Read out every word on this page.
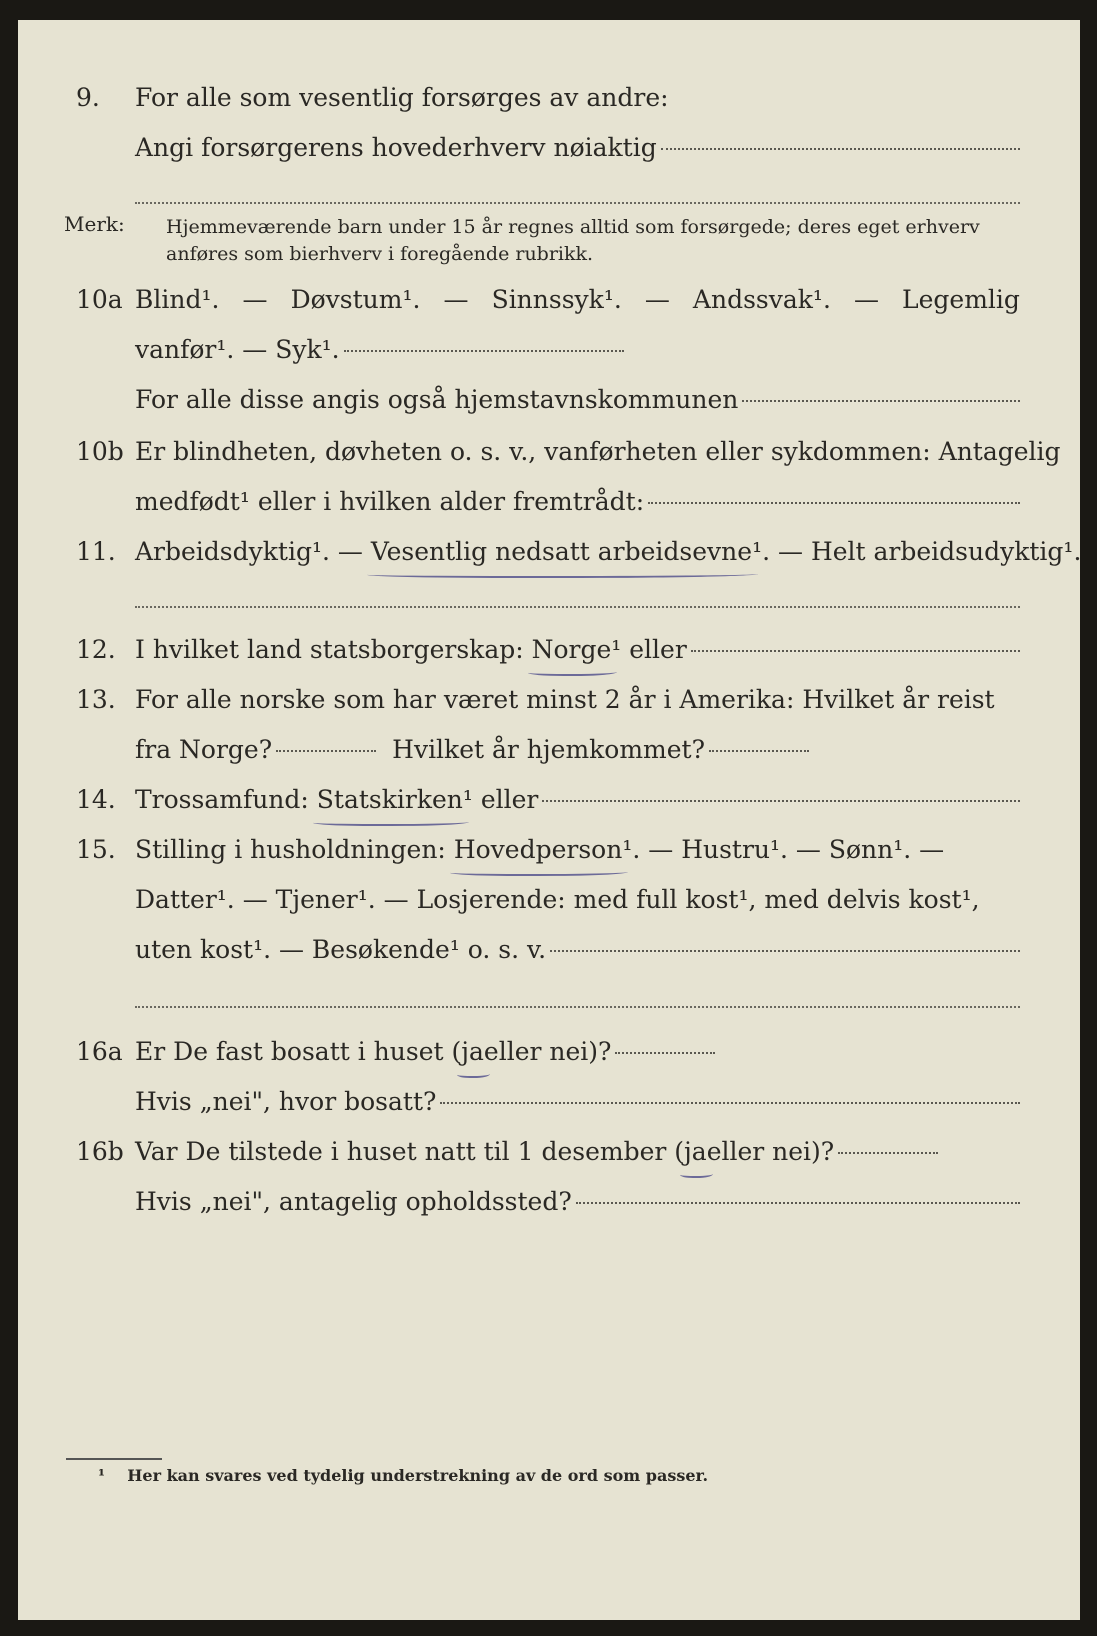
9. For alle som vesentlig forsørges av andre:
Angi forsørgerens hovederhverv nøiaktig
Merk: Hjemmeværende barn under 15 år regnes alltid som forsørgede; deres eget erhverv
anføres som bierhverv i foregående rubrikk.
10a Blind¹. — Døvstum¹. — Sinnssyk¹. — Andssvak¹. — Legemlig
vanfør¹. — Syk¹.
For alle disse angis også hjemstavnskommunen
10b Er blindheten, døvheten o. s. v., vanførheten eller sykdommen: Antagelig
medfødt¹ eller i hvilken alder fremtrådt:
11. Arbeidsdyktig¹. —
Vesentlig nedsatt arbeidsevne ¹. — Helt arbeidsudyktig¹.
12. I hvilket land statsborgerskap:
Norge ¹ eller
13. For alle norske som har været minst 2 år i Amerika: Hvilket år reist
fra Norge?	Hvilket år hjemkommet?
14. Trossamfund:
Statskirken ¹ eller
15. Stilling i husholdningen:
Hovedperson ¹. — Hustru¹. — Sønn¹. —
Datter¹. — Tjener¹. — Losjerende: med full kost¹, med delvis kost¹,
uten kost¹. — Besøkende¹ o. s. v.
16a Er De fast bosatt i huset ( ja eller nei)?
Hvis „nei", hvor bosatt?
16b Var De tilstede i huset natt til 1 desember ( ja eller nei)?
Hvis „nei", antagelig opholdssted?
¹ Her kan svares ved tydelig understrekning av de ord som passer.
